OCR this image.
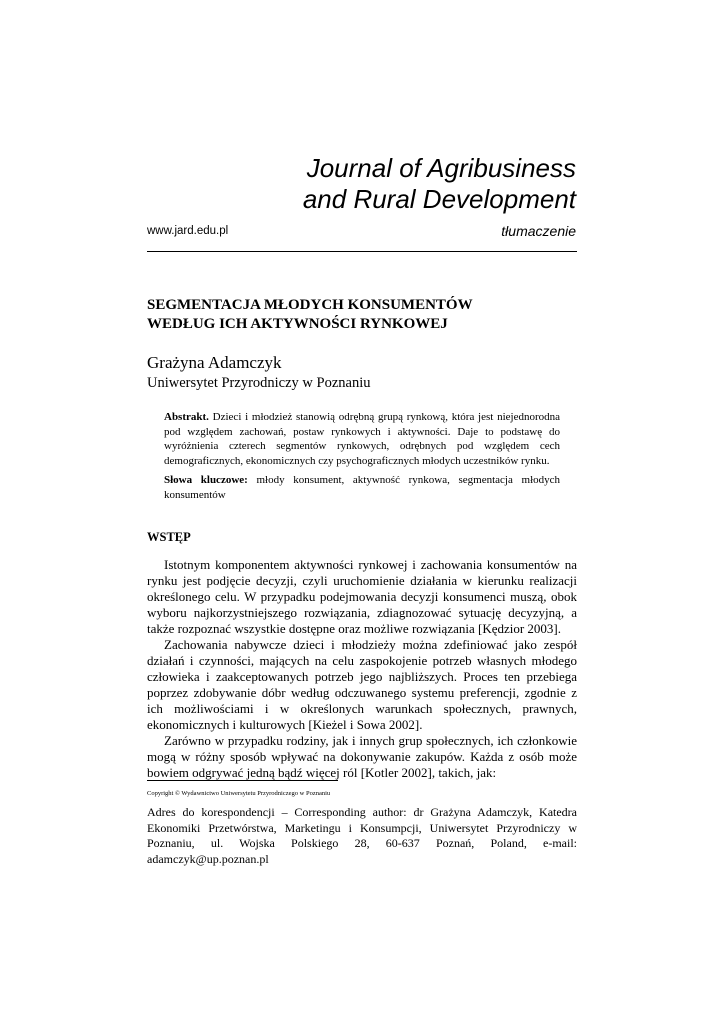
Journal of Agribusiness
and Rural Development
www.jard.edu.pl	tłumaczenie
SEGMENTACJA MŁODYCH KONSUMENTÓW
WEDŁUG ICH AKTYWNOŚCI RYNKOWEJ
Grażyna Adamczyk
Uniwersytet Przyrodniczy w Poznaniu
Abstrakt. Dzieci i młodzież stanowią odrębną grupą rynkową, która jest niejednorodna pod względem zachowań, postaw rynkowych i aktywności. Daje to podstawę do wyróżnienia czterech segmentów rynkowych, odrębnych pod względem cech demograficznych, ekonomicznych czy psychograficznych młodych uczestników rynku.
Słowa kluczowe: młody konsument, aktywność rynkowa, segmentacja młodych konsumentów
WSTĘP

Istotnym komponentem aktywności rynkowej i zachowania konsumentów na rynku jest podjęcie decyzji, czyli uruchomienie działania w kierunku realizacji określonego celu. W przypadku podejmowania decyzji konsumenci muszą, obok wyboru najkorzystniejszego rozwiązania, zdiagnozować sytuację decyzyjną, a także rozpoznać wszystkie dostępne oraz możliwe rozwiązania [Kędzior 2003].

Zachowania nabywcze dzieci i młodzieży można zdefiniować jako zespół działań i czynności, mających na celu zaspokojenie potrzeb własnych młodego człowieka i zaakceptowanych potrzeb jego najbliższych. Proces ten przebiega poprzez zdobywanie dóbr według odczuwanego systemu preferencji, zgodnie z ich możliwościami i w określonych warunkach społecznych, prawnych, ekonomicznych i kulturowych [Kieżel i Sowa 2002].

Zarówno w przypadku rodziny, jak i innych grup społecznych, ich członkowie mogą w różny sposób wpływać na dokonywanie zakupów. Każda z osób może bowiem odgrywać jedną bądź więcej ról [Kotler 2002], takich, jak:

Copyright © Wydawnictwo Uniwersytetu Przyrodniczego w Poznaniu
Adres do korespondencji – Corresponding author: dr Grażyna Adamczyk, Katedra Ekonomiki Przetwórstwa, Marketingu i Konsumpcji, Uniwersytet Przyrodniczy w Poznaniu, ul. Wojska Polskiego 28, 60-637 Poznań, Poland, e-mail: adamczyk@up.poznan.pl
